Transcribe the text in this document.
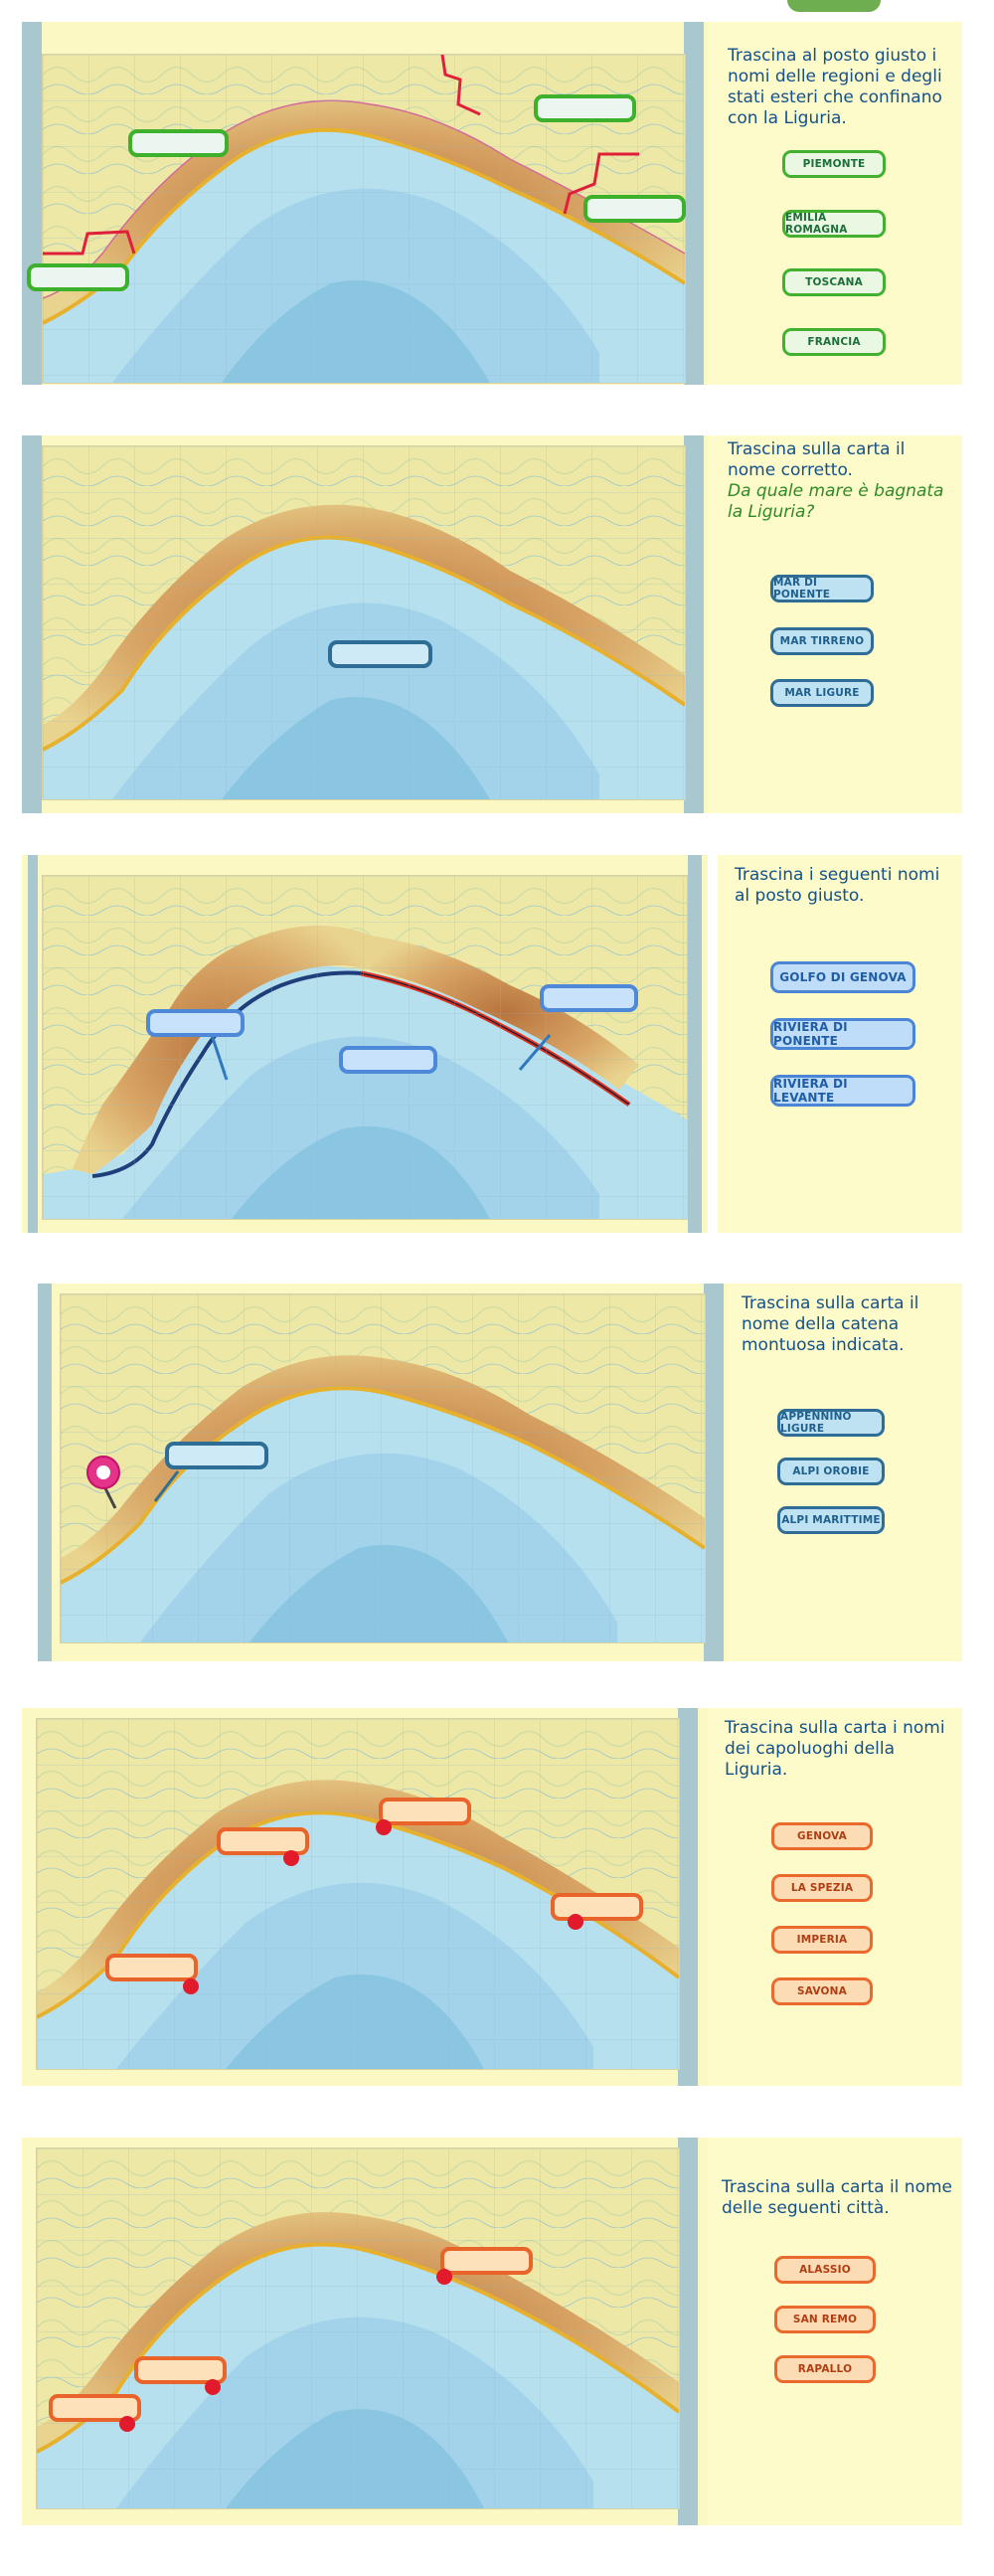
Trascina al posto giusto i nomi delle regioni e degli stati esteri che confinano con la Liguria.
PIEMONTE
EMILIA ROMAGNA
TOSCANA
FRANCIA
Trascina sulla carta il nome corretto.
Da quale mare è bagnata la Liguria?
MAR DI PONENTE
MAR TIRRENO
MAR LIGURE
Trascina i seguenti nomi al posto giusto.
GOLFO DI GENOVA
RIVIERA DI PONENTE
RIVIERA DI LEVANTE
Trascina sulla carta il nome della catena montuosa indicata.
APPENNINO LIGURE
ALPI OROBIE
ALPI MARITTIME
Trascina sulla carta i nomi dei capoluoghi della Liguria.
GENOVA
LA SPEZIA
IMPERIA
SAVONA
Trascina sulla carta il nome delle seguenti città.
ALASSIO
SAN REMO
RAPALLO
